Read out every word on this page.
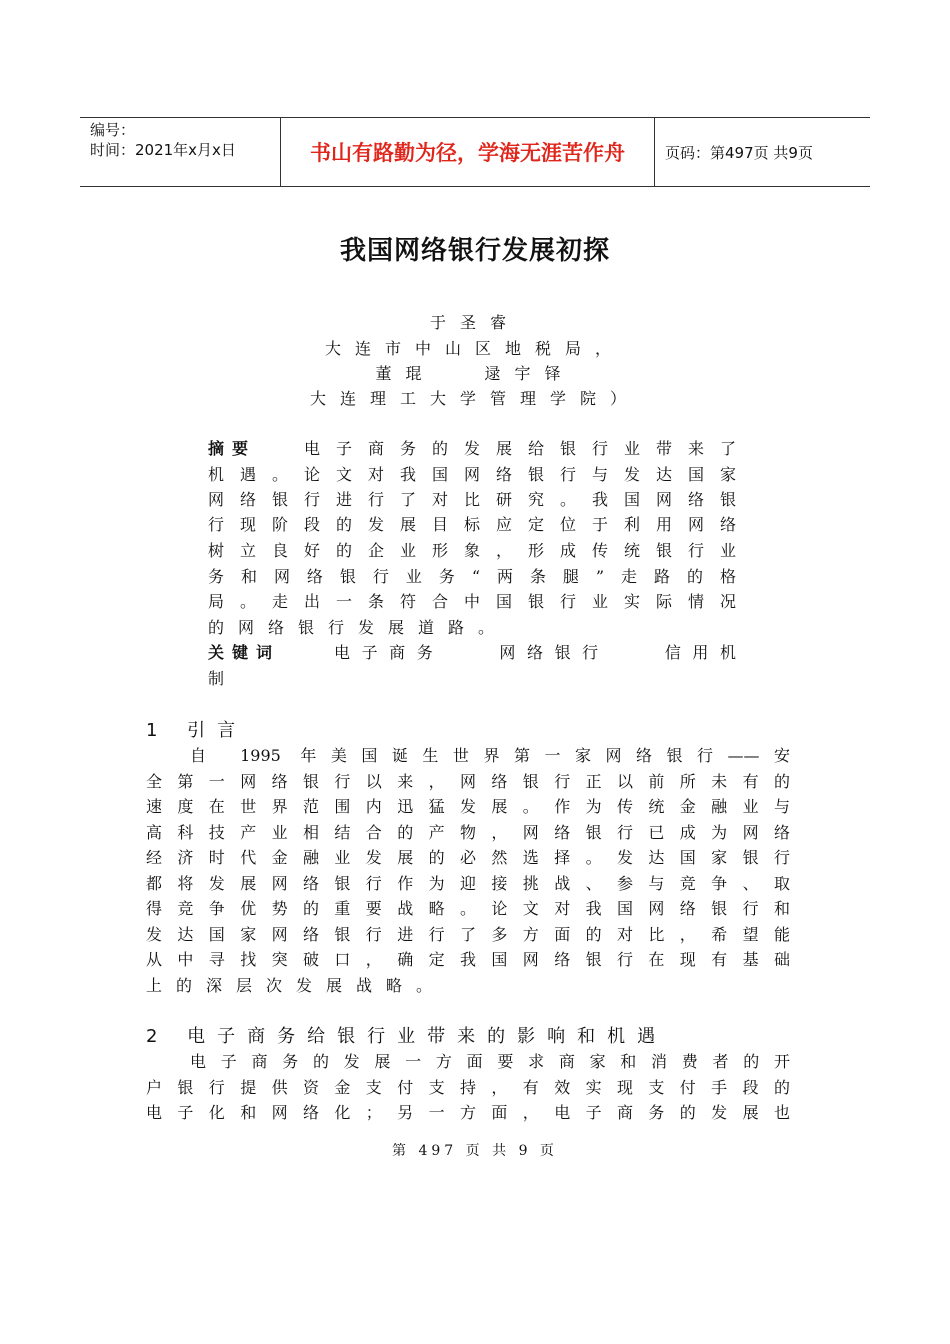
编号：
时间：2021年x月x日	书山有路勤为径，学海无涯苦作舟	页码：第497页 共9页
我国网络银行发展初探
于圣睿
大连市中山区地税局，
董琨　 逯宇铎
大连理工大学管理学院）
摘要	电子商务的发展给银行业带来了
机遇。论文对我国网络银行与发达国家
网络银行进行了对比研究。我国网络银
行现阶段的发展目标应定位于利用网络
树立良好的企业形象，形成传统银行业
务和网络银行业务“两条腿”走路的格
局。走出一条符合中国银行业实际情况
的网络银行发展道路。
关键词	电子商务　　网络银行　　信用机
制
1 引言
自 1995 年美国诞生世界第一家网络银行——安
全第一网络银行以来，网络银行正以前所未有的
速度在世界范围内迅猛发展。作为传统金融业与
高科技产业相结合的产物，网络银行已成为网络
经济时代金融业发展的必然选择。发达国家银行
都将发展网络银行作为迎接挑战、参与竞争、取
得竞争优势的重要战略。论文对我国网络银行和
发达国家网络银行进行了多方面的对比，希望能
从中寻找突破口，确定我国网络银行在现有基础
上的深层次发展战略。
2 电子商务给银行业带来的影响和机遇
电子商务的发展一方面要求商家和消费者的开
户银行提供资金支付支持，有效实现支付手段的
电子化和网络化；另一方面，电子商务的发展也
第 497 页 共 9 页
